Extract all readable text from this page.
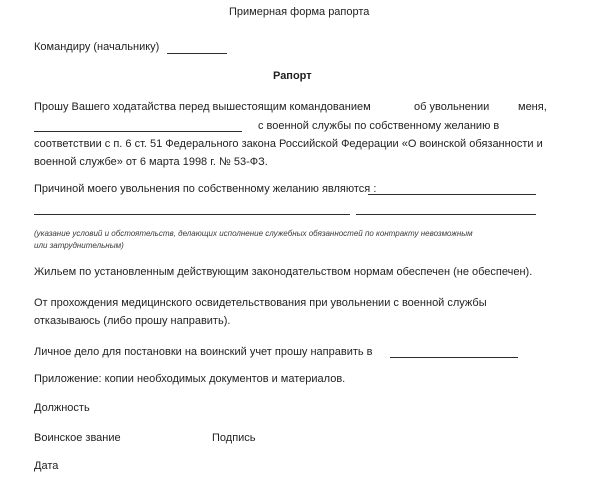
Примерная форма рапорта
Командиру (начальнику)
Рапорт
Прошу Вашего ходатайства перед вышестоящим командованием	об увольнении	меня,
с военной службы по собственному желанию в
соответствии с п. 6 ст. 51 Федерального закона Российской Федерации «О воинской обязанности и
военной службе» от 6 марта 1998 г. № 53-ФЗ.
Причиной моего увольнения по собственному желанию являются :
(указание условий и обстоятельств, делающих исполнение служебных обязанностей по контракту невозможным
или затруднительным)
Жильем по установленным действующим законодательством нормам обеспечен (не обеспечен).
От прохождения медицинского освидетельствования при увольнении с военной службы
отказываюсь (либо прошу направить).
Личное дело для постановки на воинский учет прошу направить в
Приложение: копии необходимых документов и материалов.
Должность
Воинское звание	Подпись
Дата
